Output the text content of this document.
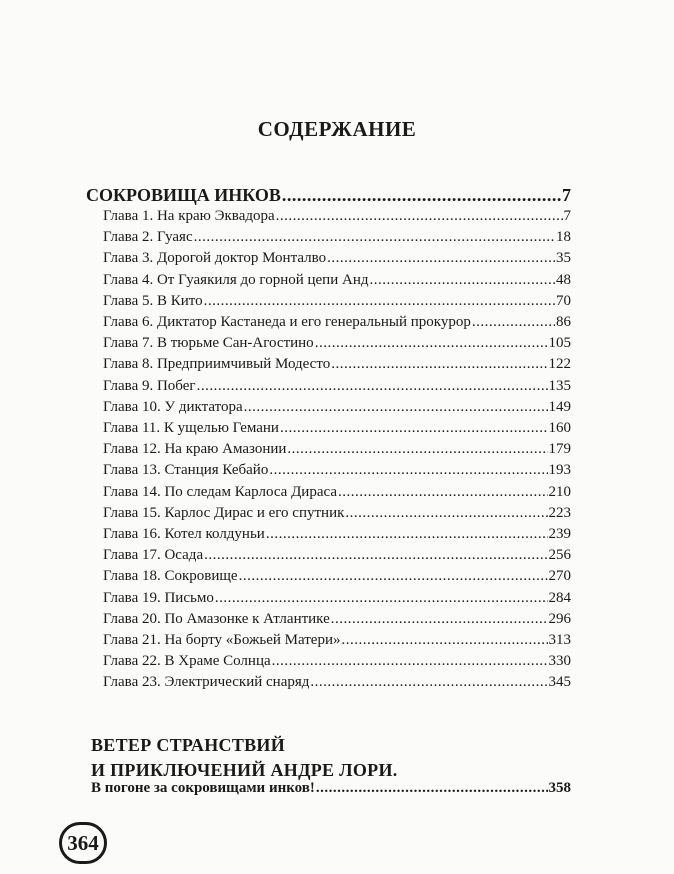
СОДЕРЖАНИЕ
СОКРОВИЩА ИНКОВ .....	7
Глава 1. На краю Эквадора .....	7
Глава 2. Гуаяс .....	18
Глава 3. Дорогой доктор Монталво .....	35
Глава 4. От Гуаякиля до горной цепи Анд .....	48
Глава 5. В Кито .....	70
Глава 6. Диктатор Кастанеда и его генеральный прокурор .....	86
Глава 7. В тюрьме Сан-Агостино .....	105
Глава 8. Предприимчивый Модесто .....	122
Глава 9. Побег .....	135
Глава 10. У диктатора .....	149
Глава 11. К ущелью Гемани .....	160
Глава 12. На краю Амазонии .....	179
Глава 13. Станция Кебайо .....	193
Глава 14. По следам Карлоса Дираса .....	210
Глава 15. Карлос Дирас и его спутник .....	223
Глава 16. Котел колдуньи .....	239
Глава 17. Осада .....	256
Глава 18. Сокровище .....	270
Глава 19. Письмо .....	284
Глава 20. По Амазонке к Атлантике .....	296
Глава 21. На борту «Божьей Матери» .....	313
Глава 22. В Храме Солнца .....	330
Глава 23. Электрический снаряд .....	345
ВЕТЕР СТРАНСТВИЙ
И ПРИКЛЮЧЕНИЙ АНДРЕ ЛОРИ.
В погоне за сокровищами инков! .....	358
364
